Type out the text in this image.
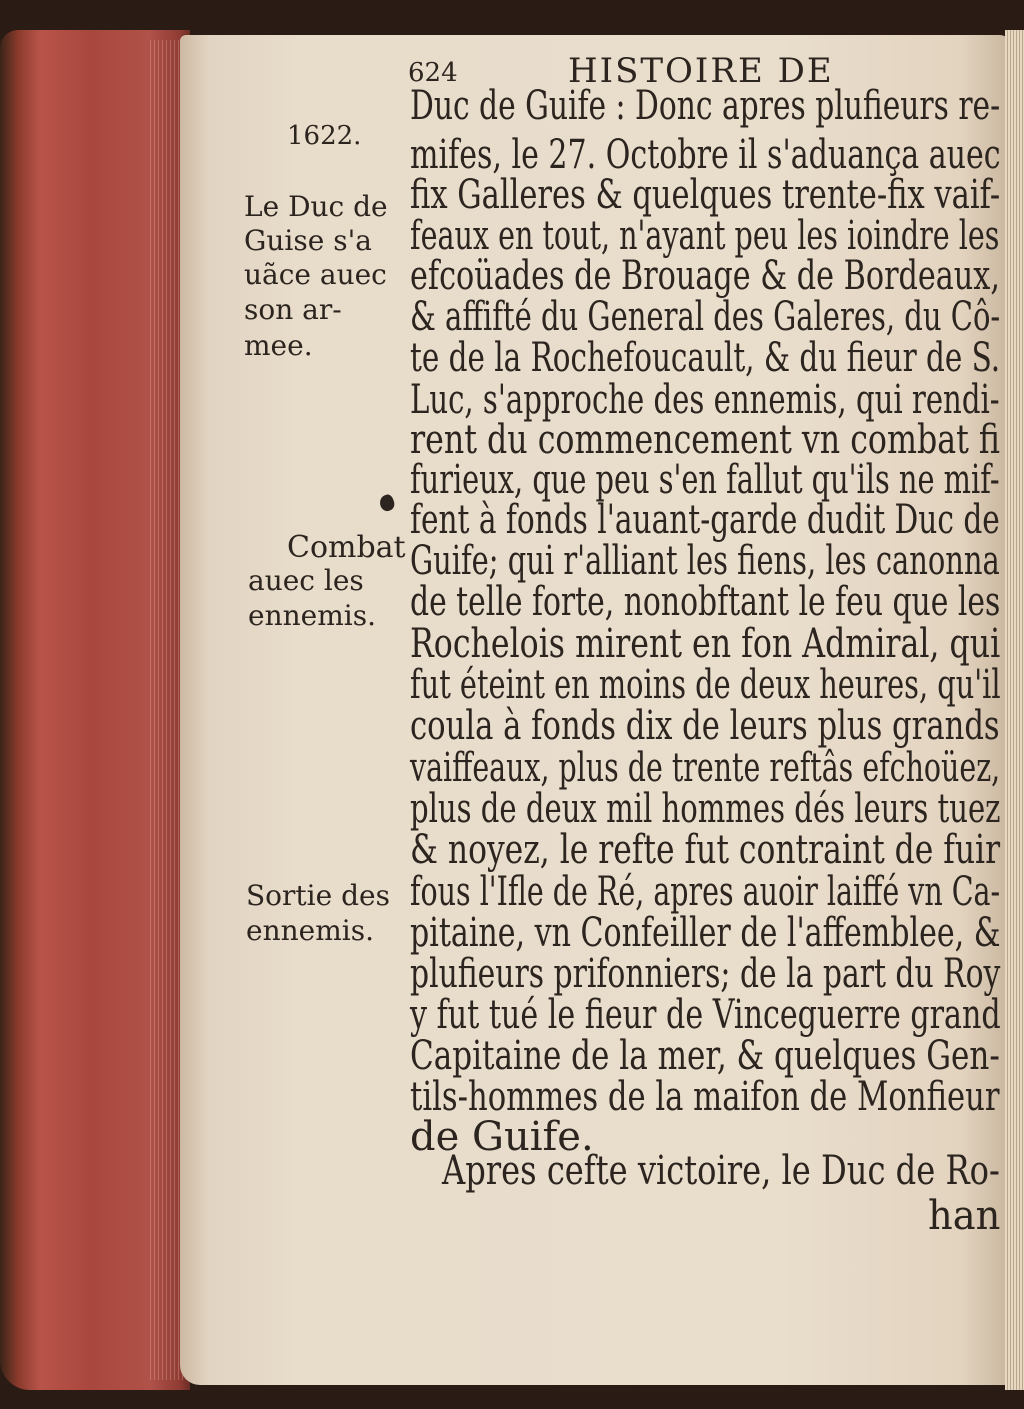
624	HISTOIRE DE
1622.
Le Duc de
Guise s'a
uãce auec
son ar-
mee.
Combat
auec les
ennemis.
Sortie des
ennemis.
Duc de Guife : Donc apres plufieurs re-
mifes, le 27. Octobre il s'aduança auec
fix Galleres & quelques trente-fix vaif-
feaux en tout, n'ayant peu les ioindre les
efcoüades de Brouage & de Bordeaux,
& affifté du General des Galeres, du Cô-
te de la Rochefoucault, & du fieur de S.
Luc, s'approche des ennemis, qui rendi-
rent du commencement vn combat fi
furieux, que peu s'en fallut qu'ils ne mif-
fent à fonds l'auant-garde dudit Duc de
Guife; qui r'alliant les fiens, les canonna
de telle forte, nonobftant le feu que les
Rochelois mirent en fon Admiral, qui
fut éteint en moins de deux heures, qu'il
coula à fonds dix de leurs plus grands
vaiffeaux, plus de trente reftâs efchoüez,
plus de deux mil hommes dés leurs tuez
& noyez, le refte fut contraint de fuir
fous l'Ifle de Ré, apres auoir laiffé vn Ca-
pitaine, vn Confeiller de l'affemblee, &
plufieurs prifonniers; de la part du Roy
y fut tué le fieur de Vinceguerre grand
Capitaine de la mer, & quelques Gen-
tils-hommes de la maifon de Monfieur
de Guife.
Apres cefte victoire, le Duc de Ro-
han
